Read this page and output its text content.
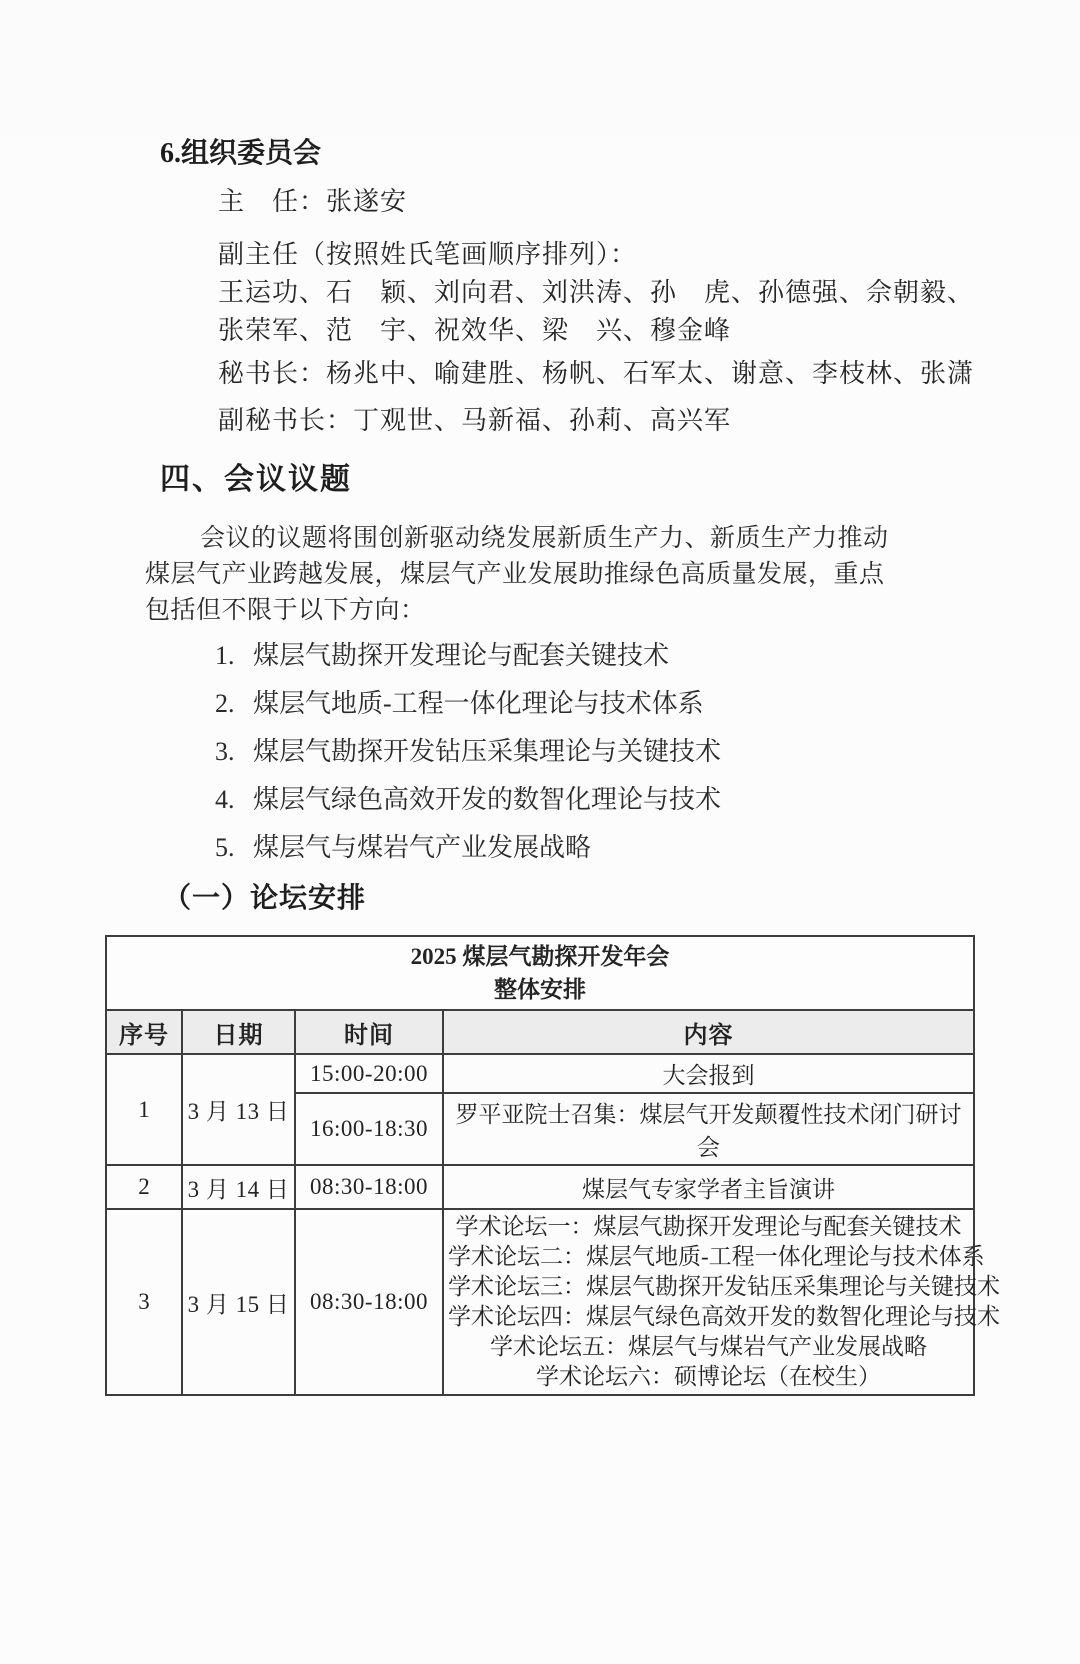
6.组织委员会
主　任：张遂安
副主任（按照姓氏笔画顺序排列）：
王运功、石　颖、刘向君、刘洪涛、孙　虎、孙德强、佘朝毅、
张荣军、范　宇、祝效华、梁　兴、穆金峰
秘书长：杨兆中、喻建胜、杨帆、石军太、谢意、李枝林、张潇
副秘书长：丁观世、马新福、孙莉、高兴军
四、会议议题

会议的议题将围创新驱动绕发展新质生产力、新质生产力推动煤层气产业跨越发展，煤层气产业发展助推绿色高质量发展，重点包括但不限于以下方向：

1. 煤层气勘探开发理论与配套关键技术
2. 煤层气地质-工程一体化理论与技术体系
3. 煤层气勘探开发钻压采集理论与关键技术
4. 煤层气绿色高效开发的数智化理论与技术
5. 煤层气与煤岩气产业发展战略
（一）论坛安排
2025 煤层气勘探开发年会
整体安排			

序号	日期	时间	内容
1	3 月 13 日	15:00-20:00	大会报到
		16:00-18:30	罗平亚院士召集：煤层气开发颠覆性技术闭门研讨会
2	3 月 14 日	08:30-18:00	煤层气专家学者主旨演讲
3	3 月 15 日	08:30-18:00	
学术论坛一：煤层气勘探开发理论与配套关键技术
学术论坛二：煤层气地质-工程一体化理论与技术体系
学术论坛三：煤层气勘探开发钻压采集理论与关键技术
学术论坛四：煤层气绿色高效开发的数智化理论与技术
学术论坛五：煤层气与煤岩气产业发展战略
学术论坛六：硕博论坛（在校生）
